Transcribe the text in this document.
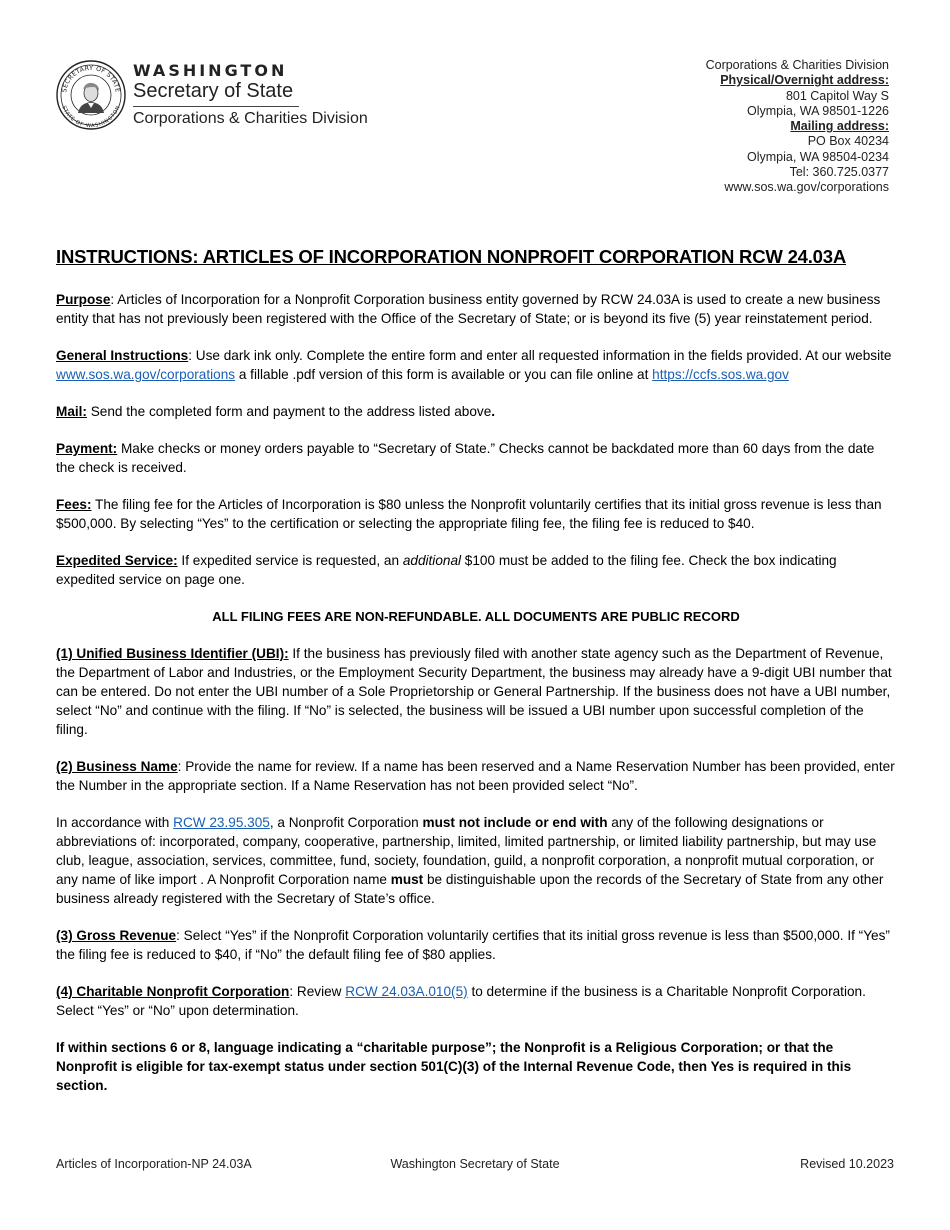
SECRETARY OF STATE
STATE OF WASHINGTON
WASHINGTON
Secretary of State
Corporations & Charities Division
Corporations & Charities Division
Physical/Overnight address:
801 Capitol Way S
Olympia, WA 98501-1226
Mailing address:
PO Box 40234
Olympia, WA 98504-0234
Tel: 360.725.0377
www.sos.wa.gov/corporations
INSTRUCTIONS: ARTICLES OF INCORPORATION NONPROFIT CORPORATION RCW 24.03A

Purpose: Articles of Incorporation for a Nonprofit Corporation business entity governed by RCW 24.03A is used to create a new business entity that has not previously been registered with the Office of the Secretary of State; or is beyond its five (5) year reinstatement period.

General Instructions: Use dark ink only. Complete the entire form and enter all requested information in the fields provided. At our website www.sos.wa.gov/corporations a fillable .pdf version of this form is available or you can file online at https://ccfs.sos.wa.gov

Mail: Send the completed form and payment to the address listed above.

Payment: Make checks or money orders payable to “Secretary of State.” Checks cannot be backdated more than 60 days from the date the check is received.

Fees: The filing fee for the Articles of Incorporation is $80 unless the Nonprofit voluntarily certifies that its initial gross revenue is less than $500,000. By selecting “Yes” to the certification or selecting the appropriate filing fee, the filing fee is reduced to $40.

Expedited Service: If expedited service is requested, an additional $100 must be added to the filing fee. Check the box indicating expedited service on page one.

ALL FILING FEES ARE NON-REFUNDABLE. ALL DOCUMENTS ARE PUBLIC RECORD

(1) Unified Business Identifier (UBI): If the business has previously filed with another state agency such as the Department of Revenue, the Department of Labor and Industries, or the Employment Security Department, the business may already have a 9-digit UBI number that can be entered. Do not enter the UBI number of a Sole Proprietorship or General Partnership. If the business does not have a UBI number, select “No” and continue with the filing. If “No” is selected, the business will be issued a UBI number upon successful completion of the filing.

(2) Business Name: Provide the name for review. If a name has been reserved and a Name Reservation Number has been provided, enter the Number in the appropriate section. If a Name Reservation has not been provided select “No”.

In accordance with RCW 23.95.305, a Nonprofit Corporation must not include or end with any of the following designations or abbreviations of: incorporated, company, cooperative, partnership, limited, limited partnership, or limited liability partnership, but may use club, league, association, services, committee, fund, society, foundation, guild, a nonprofit corporation, a nonprofit mutual corporation, or any name of like import . A Nonprofit Corporation name must be distinguishable upon the records of the Secretary of State from any other business already registered with the Secretary of State’s office.

(3) Gross Revenue: Select “Yes” if the Nonprofit Corporation voluntarily certifies that its initial gross revenue is less than $500,000. If “Yes” the filing fee is reduced to $40, if “No” the default filing fee of $80 applies.

(4) Charitable Nonprofit Corporation: Review RCW 24.03A.010(5) to determine if the business is a Charitable Nonprofit Corporation. Select “Yes” or “No” upon determination.

If within sections 6 or 8, language indicating a “charitable purpose”; the Nonprofit is a Religious Corporation; or that the Nonprofit is eligible for tax-exempt status under section 501(C)(3) of the Internal Revenue Code, then Yes is required in this section.

Articles of Incorporation-NP 24.03A	Washington Secretary of State	Revised 10.2023
